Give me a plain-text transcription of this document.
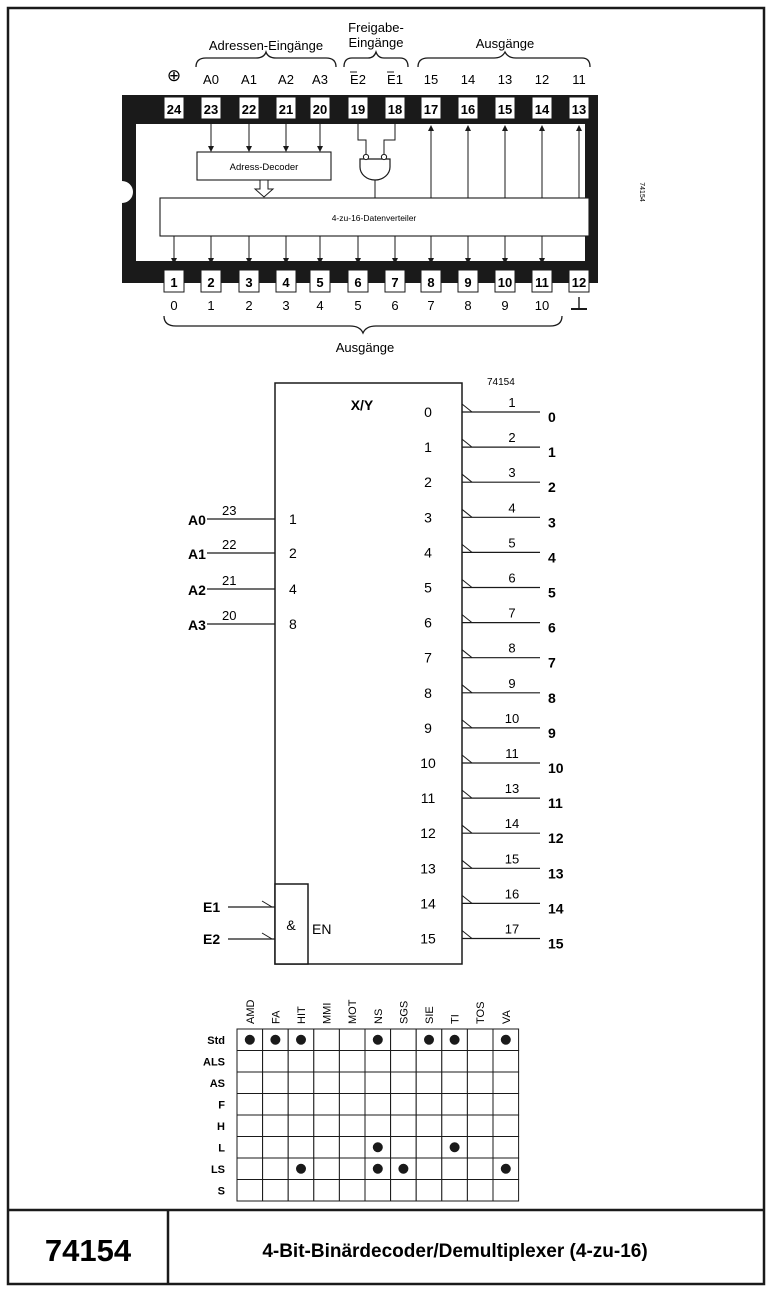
Adressen-Eingänge
Freigabe-
Eingänge	Ausgänge
Ausgänge
⊕
Adress-Decoder
4-zu-16-Datenverteiler
74154
24 23
A0
22
A1
21
A2
20
A3
19
E2
18
E1
17
15
16
14
15
13
14
12
13
11
1
0
2
1
3
2
4
3
5
4
6
5
7
6
8
7
9
8
10
9
11
10
12
74154
X/Y
& EN
A0
23
1
A1
22
2
A2
21
4
A3
20
8
E1
E2
0
1
0
1
2
1
2
3
2
3
4
3
4
5
4
5
6
5
6
7
6
7
8
7
8
9
8
9
10
9
10
11
10
11
13
11
12
14
12
13
15
13
14
16
14
15
17
15
AMD FA HIT MMI MOT NS SGS SIE TI TOS VA
Std
ALS
AS
F
H
L
LS
S
74154	4-Bit-Binärdecoder/Demultiplexer (4-zu-16)
